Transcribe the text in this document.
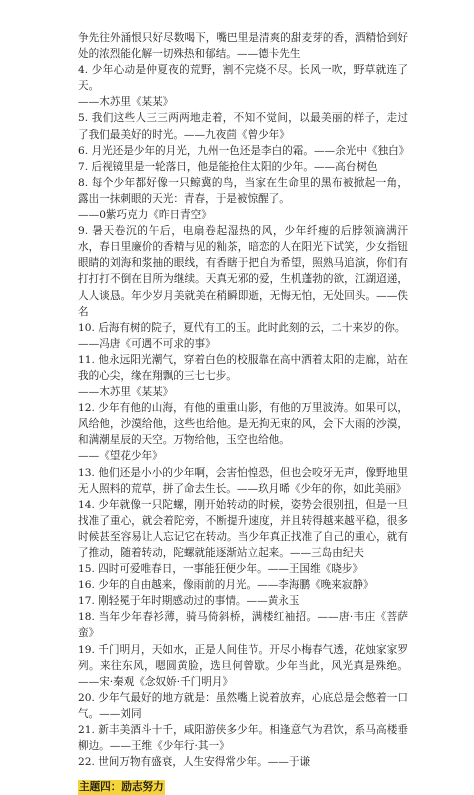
争先往外涌恨只好尽数喝下，嘴巴里是清爽的甜麦芽的香，酒精恰到好处的浓烈能化解一切殊热和郁结。——德卡先生

4. 少年心动是仲夏夜的荒野，割不完烧不尽。长风一吹，野草就连了天。

——木苏里《某某》

5. 我们这些人三三两两地走着，不知不觉间，以最美丽的样子，走过了我们最美好的时光。——九夜茴《曾少年》

6. 月光还是少年的月光，九州一色还是李白的霜。——余光中《独白》

7. 后视镜里是一轮落日，他是能抢住太阳的少年。——高台树色

8. 每个少年都好像一只鲸冀的鸟，当家在生命里的黑布被掀起一角，露出一抹刺眼的天光：青春，于是被惊醒了。

——0紫巧克力《昨日青空》

9. 暑天卷沉的午后，电扇卷起湿热的风，少年纤瘦的后脖领滴满汗水，春日里廉价的香精与见的籼茶，暗恋的人在阳光下试笑，少女指钮眼睛的刘海和浆抽的眼线，有香瞎于把自为希望，照熟马追演，你们有打打打不倒在目所为继续。天真无邪的爱，生机蓬勃的欲，江湖迢递，人人谈恳。年少岁月美就美在稍瞬即逝，无悔无怕，无处回头。——佚名

10. 后海有树的院子，夏代有工的玉。此时此刻的云，二十来岁的你。

——冯唐《可遇不可求的事》

11. 他永远阳光潮气，穿着白色的校服靠在高中洒着太阳的走廊，站在我的心尖，缘在翔飘的三七七步。

——木苏里《某某》

12. 少年有他的山海，有他的重重山影，有他的万里波涛。如果可以，风给他，沙漠给他，这些也给他。是无拘无束的风，会下大雨的沙漠，和满潮星辰的天空。万物给他，玉空也给他。

——《望花少年》

13. 他们还是小小的少年啊，会害怕惶恐，但也会咬牙无声，像野地里无人照料的荒草，拼了命去生长。——玖月晞《少年的你，如此美丽》

14. 少年就像一只陀螺，刚开始转动的时候，姿势会很别扭，但是一旦找准了重心，就会着陀旁，不断提升速度，并且转得越来越平稳，很多时候甚至容易让人忘记它在转动。当少年真正找准了自己的重心，就有了推动，随着转动，陀螺就能逐渐站立起来。——三岛由纪夫

15. 四时可爱唯春日，一事能狂便少年。——王国维《晓步》

16. 少年的自由越来，像雨前的月光。——李海鹏《晚来寂静》

17. 刚轻冕于年时期感动过的事情。——黄永玉

18. 当年少年春衫薄，骑马倚斜桥，满楼红袖招。——唐·韦庄《菩萨蛮》

19. 千门明月，天如水，正是人间佳节。开尽小梅春气透，花烛家家罗列。来往东风，嗯圆黄脸，选旦何曾歇。少年当此，风光真是殊绝。——宋·秦观《念奴娇·千门明月》

20. 少年气最好的地方就是：虽然嘴上说着放弃，心底总是会憋着一口气。——刘同

21. 新丰美酒斗十千，咸阳游侠多少年。相逢意气为君饮，系马高楼垂柳边。——王维《少年行·其一》

22. 世间万物有盛衰，人生安得常少年。——于谦

主题四：励志努力
